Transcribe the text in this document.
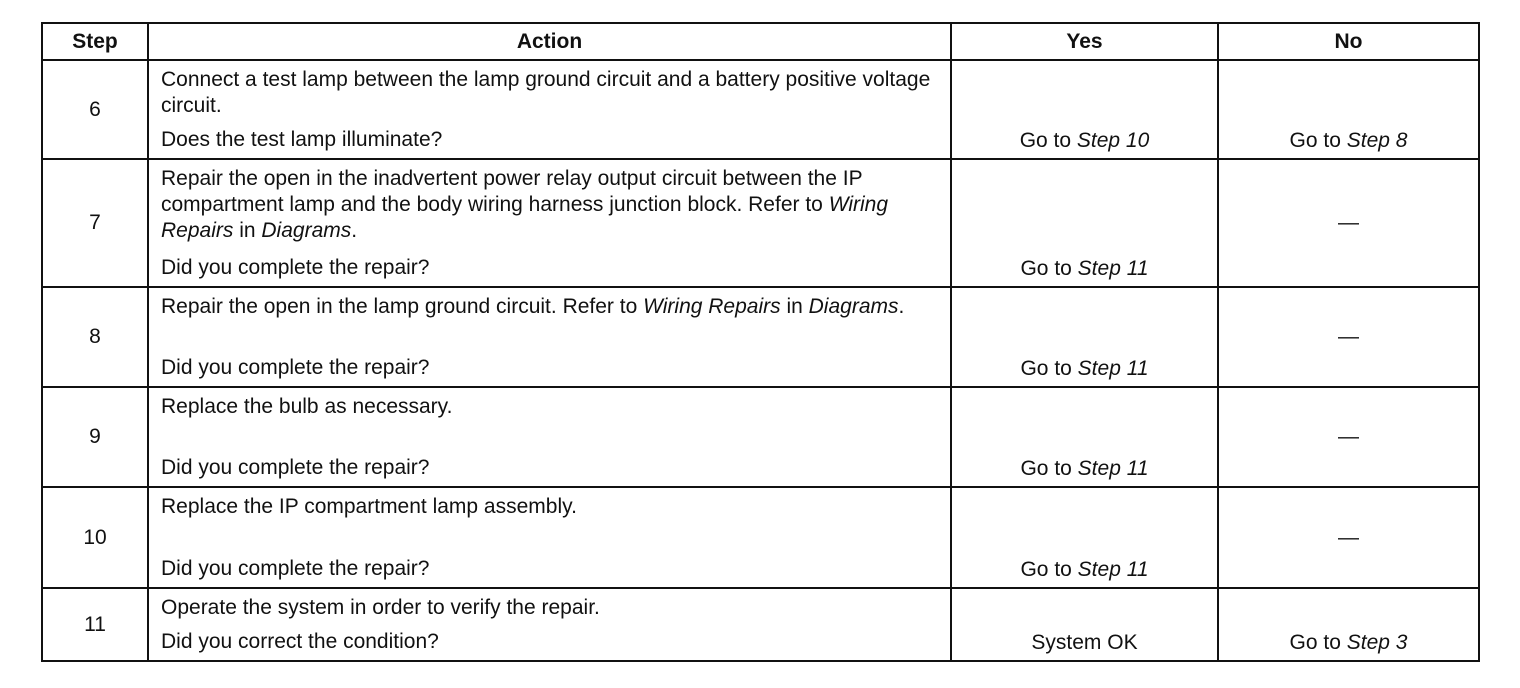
Step	Action	Yes	No
6	Connect a test lamp between the lamp ground circuit and a battery positive voltage circuit.
Does the test lamp illuminate?	Go to Step 10	Go to Step 8

7	Repair the open in the inadvertent power relay output circuit between the IP compartment lamp and the body wiring harness junction block. Refer to Wiring Repairs in Diagrams.
Did you complete the repair?	Go to Step 11	—

8	Repair the open in the lamp ground circuit. Refer to Wiring Repairs in Diagrams.
Did you complete the repair?	Go to Step 11	—

9	Replace the bulb as necessary.
Did you complete the repair?	Go to Step 11	—

10	Replace the IP compartment lamp assembly.
Did you complete the repair?	Go to Step 11	—

11	Operate the system in order to verify the repair.
Did you correct the condition?	System OK	Go to Step 3
